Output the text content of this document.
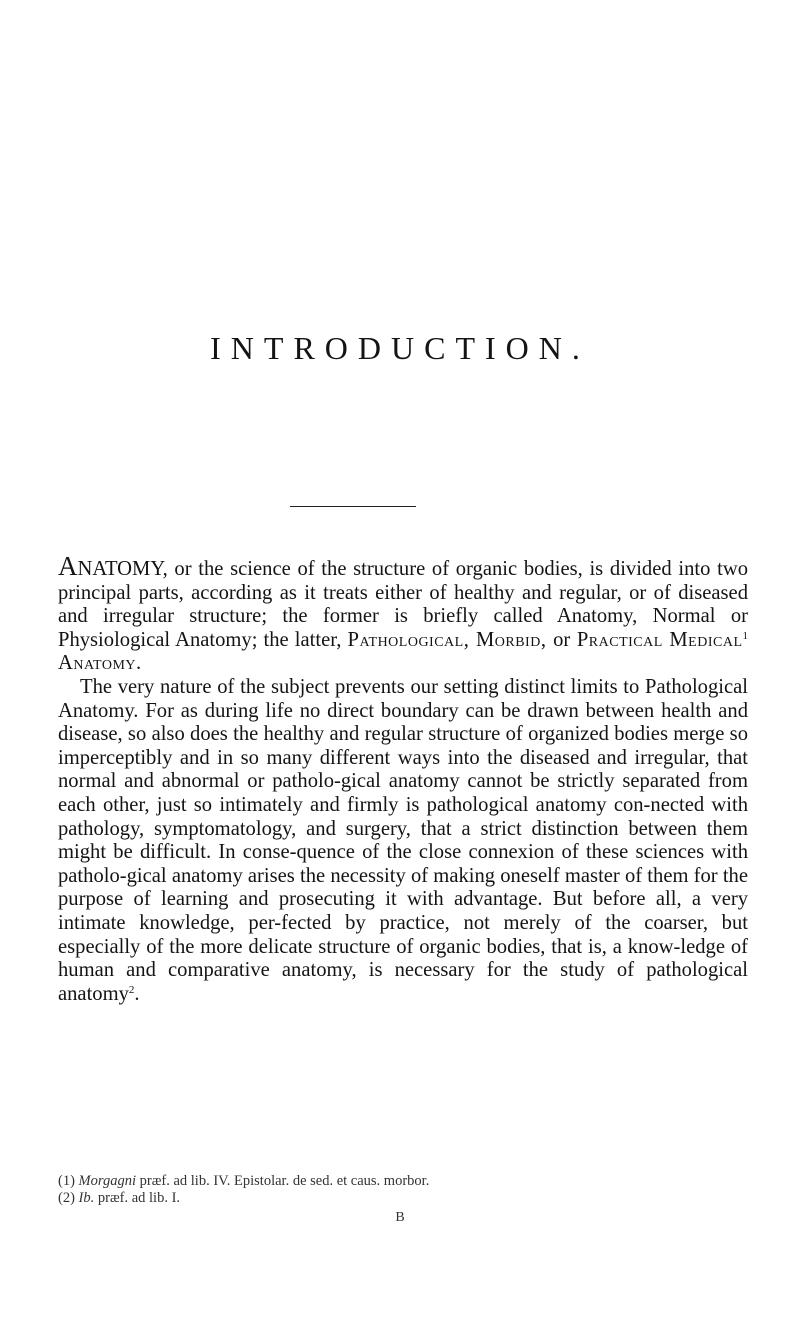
INTRODUCTION.

ANATOMY, or the science of the structure of organic bodies, is divided into two principal parts, according as it treats either of healthy and regular, or of diseased and irregular structure; the former is briefly called Anatomy, Normal or Physiological Anatomy; the latter, Pathological, Morbid, or Practical Medical$^1$ Anatomy.

The very nature of the subject prevents our setting distinct limits to Pathological Anatomy. For as during life no direct boundary can be drawn between health and disease, so also does the healthy and regular structure of organized bodies merge so imperceptibly and in so many different ways into the diseased and irregular, that normal and abnormal or patholo-gical anatomy cannot be strictly separated from each other, just so intimately and firmly is pathological anatomy con-nected with pathology, symptomatology, and surgery, that a strict distinction between them might be difficult. In conse-quence of the close connexion of these sciences with patholo-gical anatomy arises the necessity of making oneself master of them for the purpose of learning and prosecuting it with advantage. But before all, a very intimate knowledge, per-fected by practice, not merely of the coarser, but especially of the more delicate structure of organic bodies, that is, a know-ledge of human and comparative anatomy, is necessary for the study of pathological anatomy$^2$.

(1) Morgagni præf. ad lib. IV. Epistolar. de sed. et caus. morbor.
(2) Ib. præf. ad lib. I.
B
